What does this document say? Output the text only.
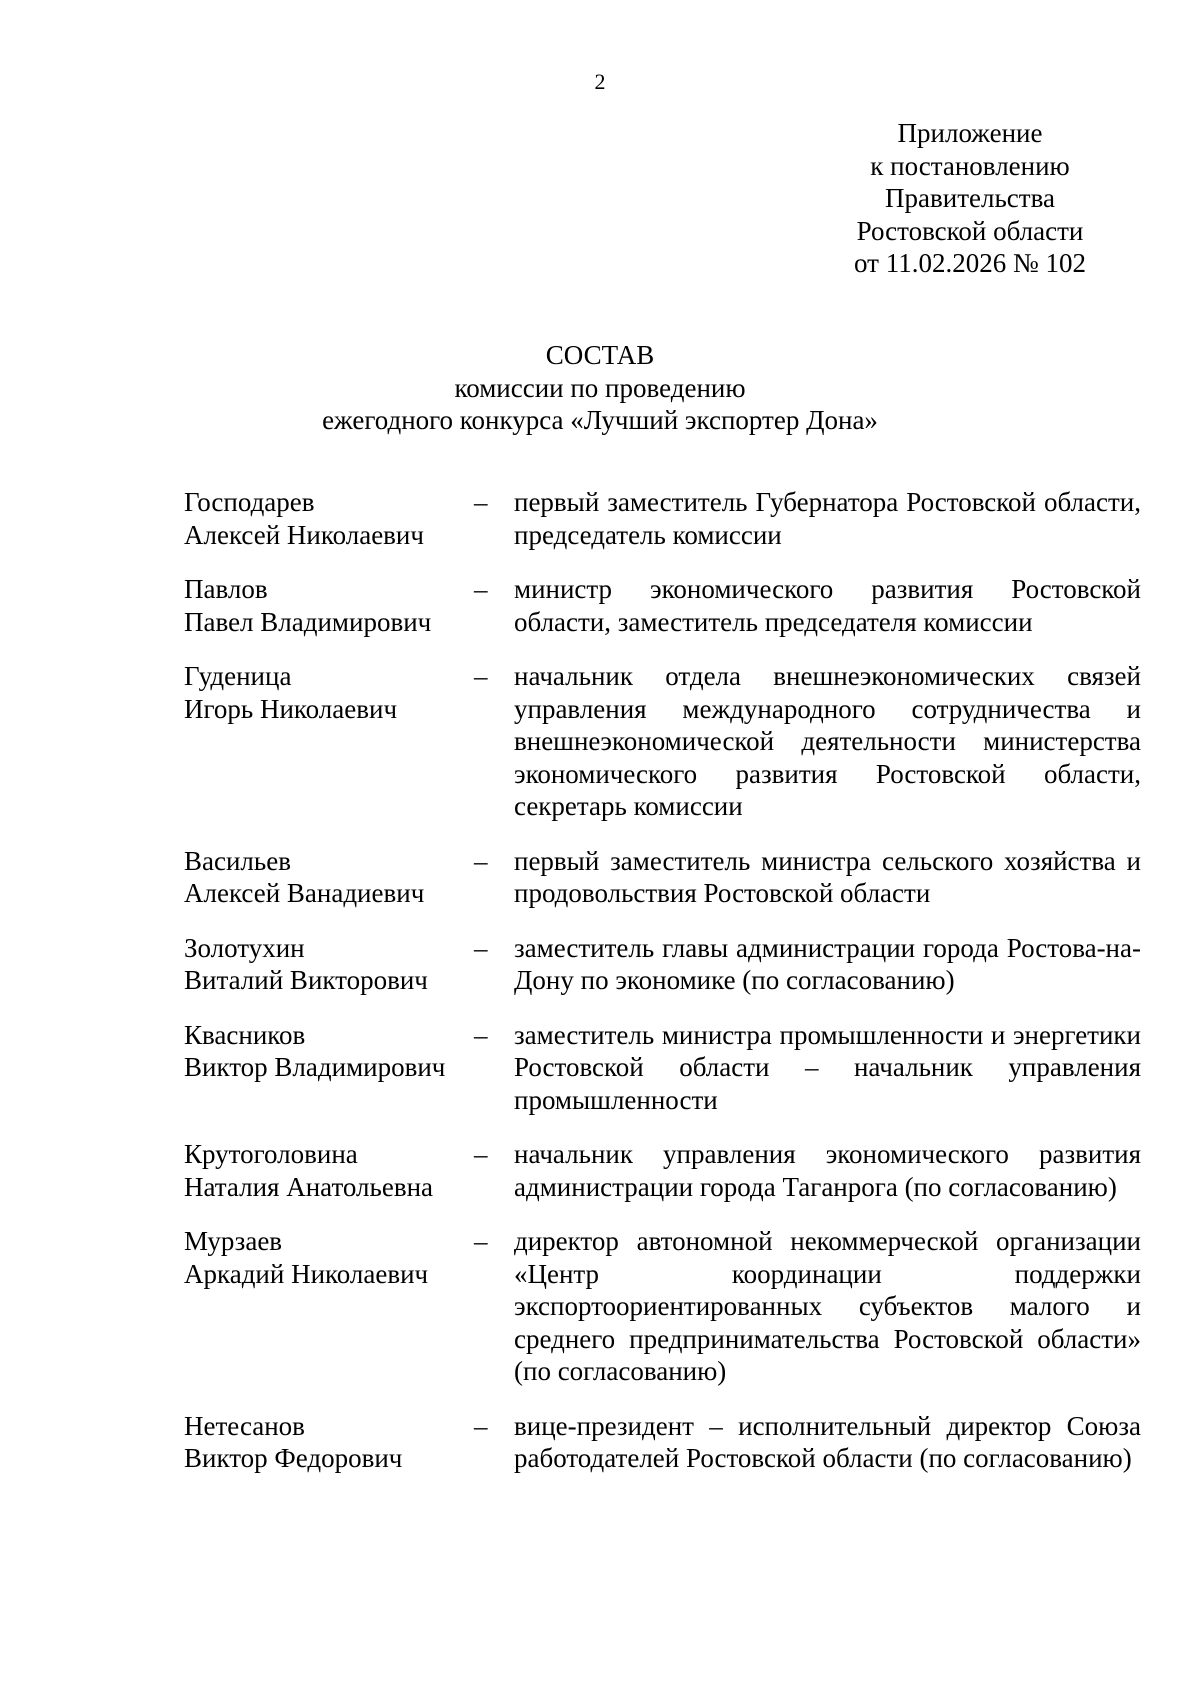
2
Приложение
к постановлению
Правительства
Ростовской области
от 11.02.2026 № 102
СОСТАВ
комиссии по проведению
ежегодного конкурса «Лучший экспортер Дона»
Господарев
Алексей Николаевич
– первый заместитель Губернатора Ростовской области, председатель комиссии
Павлов
Павел Владимирович
– министр экономического развития Ростовской области, заместитель председателя комиссии
Гуденица
Игорь Николаевич
– начальник отдела внешнеэкономических связей управления международного сотрудничества и внешнеэкономической деятельности министерства экономического развития Ростовской области, секретарь комиссии
Васильев
Алексей Ванадиевич
– первый заместитель министра сельского хозяйства и продовольствия Ростовской области
Золотухин
Виталий Викторович
– заместитель главы администрации города Ростова-на-Дону по экономике (по согласованию)
Квасников
Виктор Владимирович
– заместитель министра промышленности и энергетики Ростовской области – начальник управления промышленности
Крутоголовина
Наталия Анатольевна
– начальник управления экономического развития администрации города Таганрога (по согласованию)
Мурзаев
Аркадий Николаевич
– директор автономной некоммерческой организации «Центр координации поддержки экспортоориентированных субъектов малого и среднего предпринимательства Ростовской области» (по согласованию)
Нетесанов
Виктор Федорович
– вице-президент – исполнительный директор Союза работодателей Ростовской области (по согласованию)
